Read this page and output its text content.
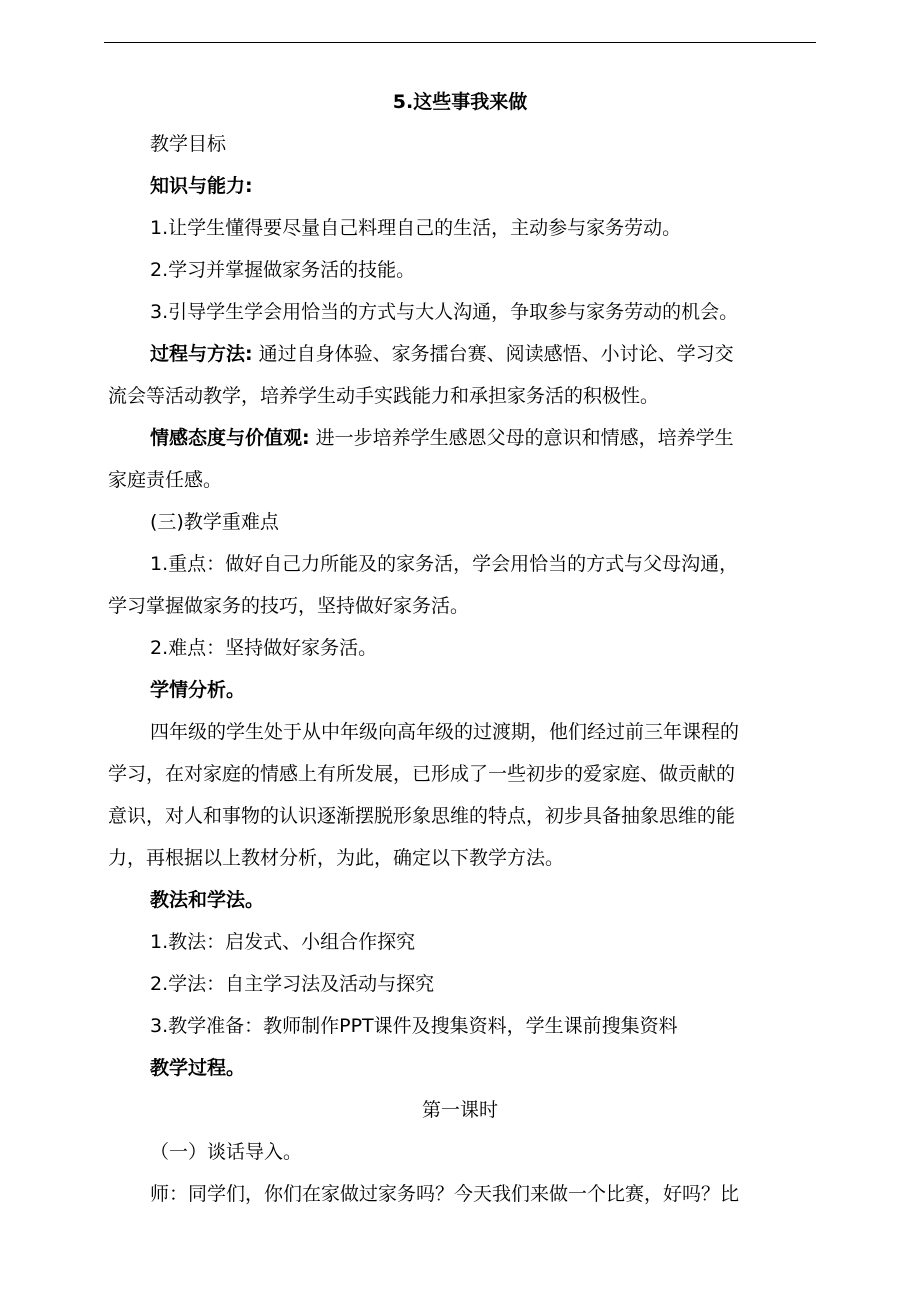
5.这些事我来做
教学目标
知识与能力:
1.让学生懂得要尽量自己料理自己的生活，主动参与家务劳动。
2.学习并掌握做家务活的技能。
3.引导学生学会用恰当的方式与大人沟通，争取参与家务劳动的机会。
过程与方法: 通过自身体验、家务擂台赛、阅读感悟、小讨论、学习交
流会等活动教学，培养学生动手实践能力和承担家务活的积极性。
情感态度与价值观: 进一步培养学生感恩父母的意识和情感，培养学生
家庭责任感。
(三)教学重难点
1.重点：做好自己力所能及的家务活，学会用恰当的方式与父母沟通，
学习掌握做家务的技巧，坚持做好家务活。
2.难点：坚持做好家务活。
学情分析。
四年级的学生处于从中年级向高年级的过渡期，他们经过前三年课程的
学习，在对家庭的情感上有所发展，已形成了一些初步的爱家庭、做贡献的
意识，对人和事物的认识逐渐摆脱形象思维的特点，初步具备抽象思维的能
力，再根据以上教材分析，为此，确定以下教学方法。
教法和学法。
1.教法：启发式、小组合作探究
2.学法：自主学习法及活动与探究
3.教学准备：教师制作PPT课件及搜集资料，学生课前搜集资料
教学过程。
第一课时
（一）谈话导入。
师：同学们，你们在家做过家务吗？今天我们来做一个比赛，好吗？比
